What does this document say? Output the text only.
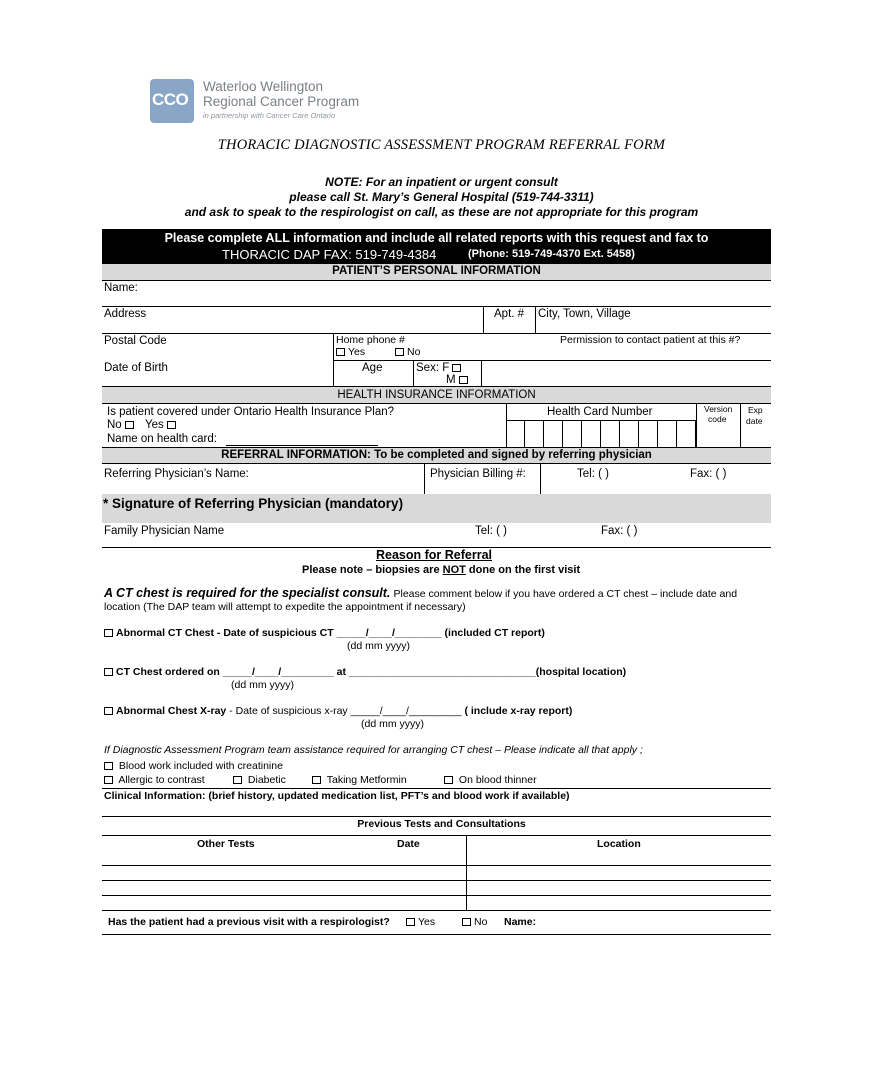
CCO
Waterloo Wellington
Regional Cancer Program
in partnership with Cancer Care Ontario
THORACIC DIAGNOSTIC ASSESSMENT PROGRAM REFERRAL FORM
NOTE: For an inpatient or urgent consult
please call St. Mary’s General Hospital (519-744-3311)
and ask to speak to the respirologist on call, as these are not appropriate for this program
Please complete ALL information and include all related reports with this request and fax to
THORACIC DAP FAX: 519-749-4384	(Phone: 519-749-4370 Ext. 5458)
PATIENT’S PERSONAL INFORMATION
Name:
Address	Apt. # City, Town, Village
Postal Code	Home phone #
Yes	No
Permission to contact patient at this #?
Date of Birth	Age	Sex: F
M
HEALTH INSURANCE INFORMATION
Is patient covered under Ontario Health Insurance Plan?
No	Yes
Name on health card:
Health Card Number	Version
code
Exp
date
REFERRAL INFORMATION: To be completed and signed by referring physician
Referring Physician’s Name:	Physician Billing #:	Tel: ( )	Fax: ( )
* Signature of Referring Physician (mandatory)
Family Physician Name	Tel: ( )	Fax: ( )
Reason for Referral
Please note – biopsies are NOT done on the first visit
A CT chest is required for the specialist consult. Please comment below if you have ordered a CT chest – include date and
location (The DAP team will attempt to expedite the appointment if necessary)
Abnormal CT Chest - Date of suspicious CT _____/____/________ (included CT report)
(dd mm yyyy)
CT Chest ordered on _____/____/_________ at ________________________________(hospital location)
(dd mm yyyy)
Abnormal Chest X-ray - Date of suspicious x-ray _____/____/_________ ( include x-ray report)
(dd mm yyyy)
If Diagnostic Assessment Program team assistance required for arranging CT chest – Please indicate all that apply ;
Blood work included with creatinine
Allergic to contrast	Diabetic	Taking Metformin	On blood thinner
Clinical Information: (brief history, updated medication list, PFT’s and blood work if available)
Previous Tests and Consultations
Other Tests	Date	Location
Has the patient had a previous visit with a respirologist?	Yes	No Name:
